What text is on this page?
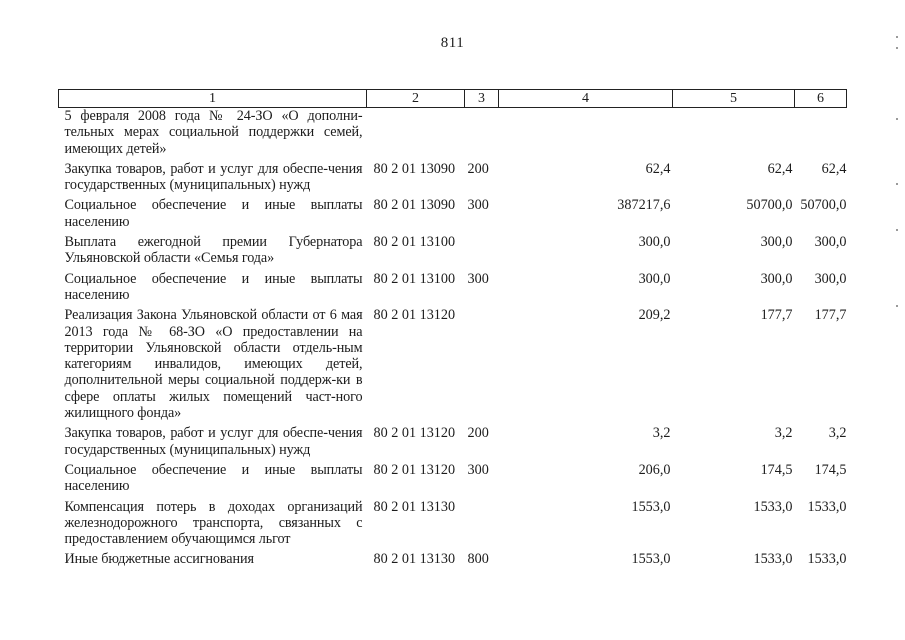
811
1	2	3	4	5	6
5 февраля 2008 года № 24-ЗО «О дополни-тельных мерах социальной поддержки семей, имеющих детей»					
Закупка товаров, работ и услуг для обеспе-чения государственных (муниципальных) нужд	80 2 01 13090	200	62,4	62,4	62,4
Социальное обеспечение и иные выплаты населению	80 2 01 13090	300	387217,6	50700,0	50700,0
Выплата ежегодной премии Губернатора Ульяновской области «Семья года»	80 2 01 13100		300,0	300,0	300,0
Социальное обеспечение и иные выплаты населению	80 2 01 13100	300	300,0	300,0	300,0
Реализация Закона Ульяновской области от 6 мая 2013 года № 68-ЗО «О предоставлении на территории Ульяновской области отдель-ным категориям инвалидов, имеющих детей, дополнительной меры социальной поддерж-ки в сфере оплаты жилых помещений част-ного жилищного фонда»	80 2 01 13120		209,2	177,7	177,7
Закупка товаров, работ и услуг для обеспе-чения государственных (муниципальных) нужд	80 2 01 13120	200	3,2	3,2	3,2
Социальное обеспечение и иные выплаты населению	80 2 01 13120	300	206,0	174,5	174,5
Компенсация потерь в доходах организаций железнодорожного транспорта, связанных с предоставлением обучающимся льгот	80 2 01 13130		1553,0	1533,0	1533,0
Иные бюджетные ассигнования	80 2 01 13130	800	1553,0	1533,0	1533,0
